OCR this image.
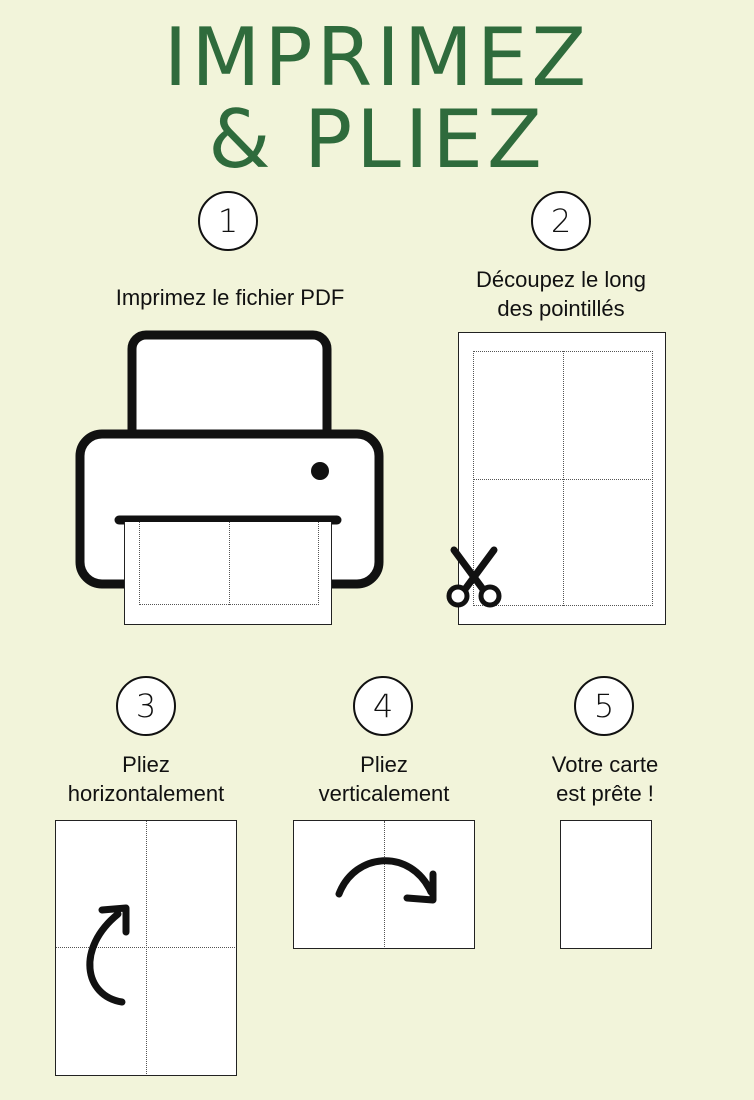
IMPRIMEZ
& PLIEZ
1
Imprimez le fichier PDF
2
Découpez le long
des pointillés
3
Pliez
horizontalement
4
Pliez
verticalement
5
Votre carte
est prête !
